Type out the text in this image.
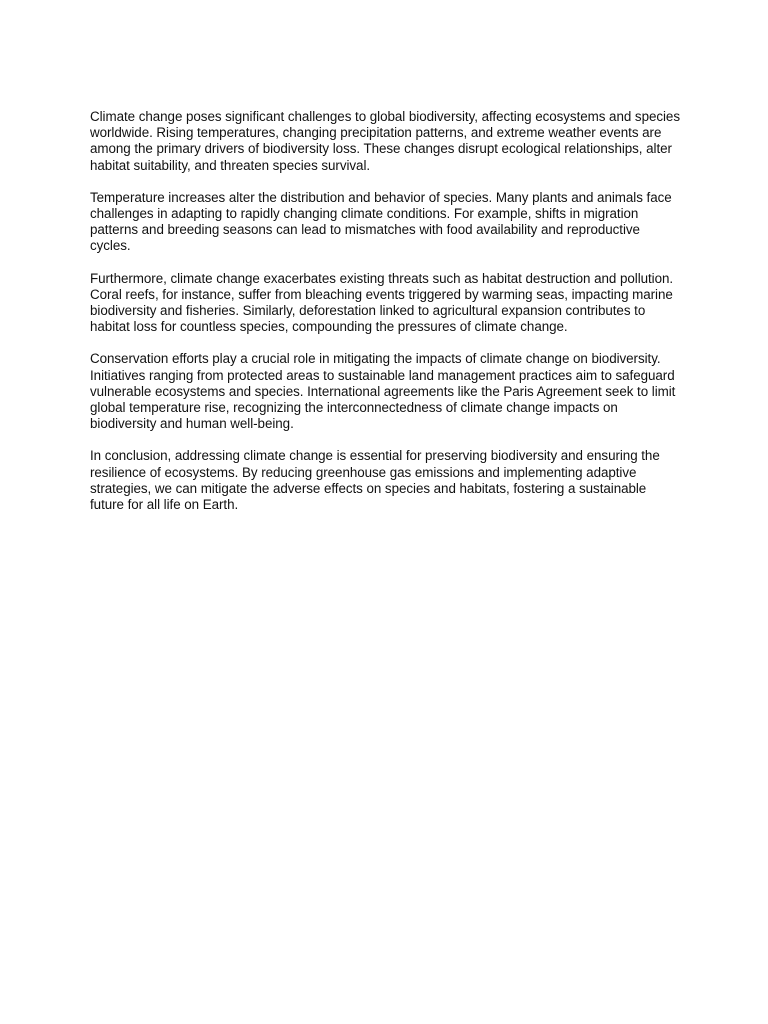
Climate change poses significant challenges to global biodiversity, affecting ecosystems and species worldwide. Rising temperatures, changing precipitation patterns, and extreme weather events are among the primary drivers of biodiversity loss. These changes disrupt ecological relationships, alter habitat suitability, and threaten species survival.

Temperature increases alter the distribution and behavior of species. Many plants and animals face challenges in adapting to rapidly changing climate conditions. For example, shifts in migration patterns and breeding seasons can lead to mismatches with food availability and reproductive cycles.

Furthermore, climate change exacerbates existing threats such as habitat destruction and pollution. Coral reefs, for instance, suffer from bleaching events triggered by warming seas, impacting marine biodiversity and fisheries. Similarly, deforestation linked to agricultural expansion contributes to habitat loss for countless species, compounding the pressures of climate change.

Conservation efforts play a crucial role in mitigating the impacts of climate change on biodiversity. Initiatives ranging from protected areas to sustainable land management practices aim to safeguard vulnerable ecosystems and species. International agreements like the Paris Agreement seek to limit global temperature rise, recognizing the interconnectedness of climate change impacts on biodiversity and human well-being.

In conclusion, addressing climate change is essential for preserving biodiversity and ensuring the resilience of ecosystems. By reducing greenhouse gas emissions and implementing adaptive strategies, we can mitigate the adverse effects on species and habitats, fostering a sustainable future for all life on Earth.
